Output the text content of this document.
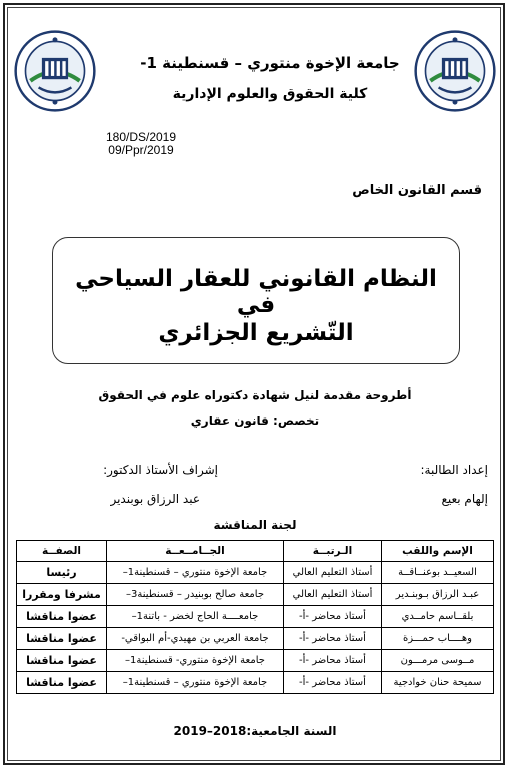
جامعة الإخوة منتوري – قسنطينة 1-
كلية الحقوق والعلوم الإدارية
180/DS/2019
09/Ppr/2019
قسم القانون الخاص
النظام القانوني للعقار السياحي في
التّشريع الجزائري
أطروحة مقدمة لنيل شهادة دكتوراه علوم في الحقوق
تخصص: قانون عقاري
إعداد الطالبة:
إلهام بعيع
إشراف الأستاذ الدكتور:
عبد الرزاق بوبندير
لجنة المناقشة
الإسم واللقب	الـرتبــة	الجــامــعــة	الصفــة
السعيــد بوعنــاقــة	أستاذ التعليم العالي	جامعة الإخوة منتوري – قسنطينة1–	رئيسا
عبـد الرزاق بـوبنـدير	أستاذ التعليم العالي	جامعة صالح بوبنيدر – قسنطينة3–	مشرفا ومقررا
بلقــاسم حامــدي	أستاذ محاضر -أ-	جامعــــة الحاج لخضر - باتنة1–	عضوا مناقشا
وهــــاب حمـــزة	أستاذ محاضر -أ-	جامعة العربي بن مهيدي-أم البواقي-	عضوا مناقشا
مــوسى مرمـــون	أستاذ محاضر -أ-	جامعة الإخوة منتوري- قسنطينة1–	عضوا مناقشا
سميحة حنان خوادجية	أستاذ محاضر -أ-	جامعة الإخوة منتوري – قسنطينة1–	عضوا مناقشا
السنة الجامعية:2018–2019
